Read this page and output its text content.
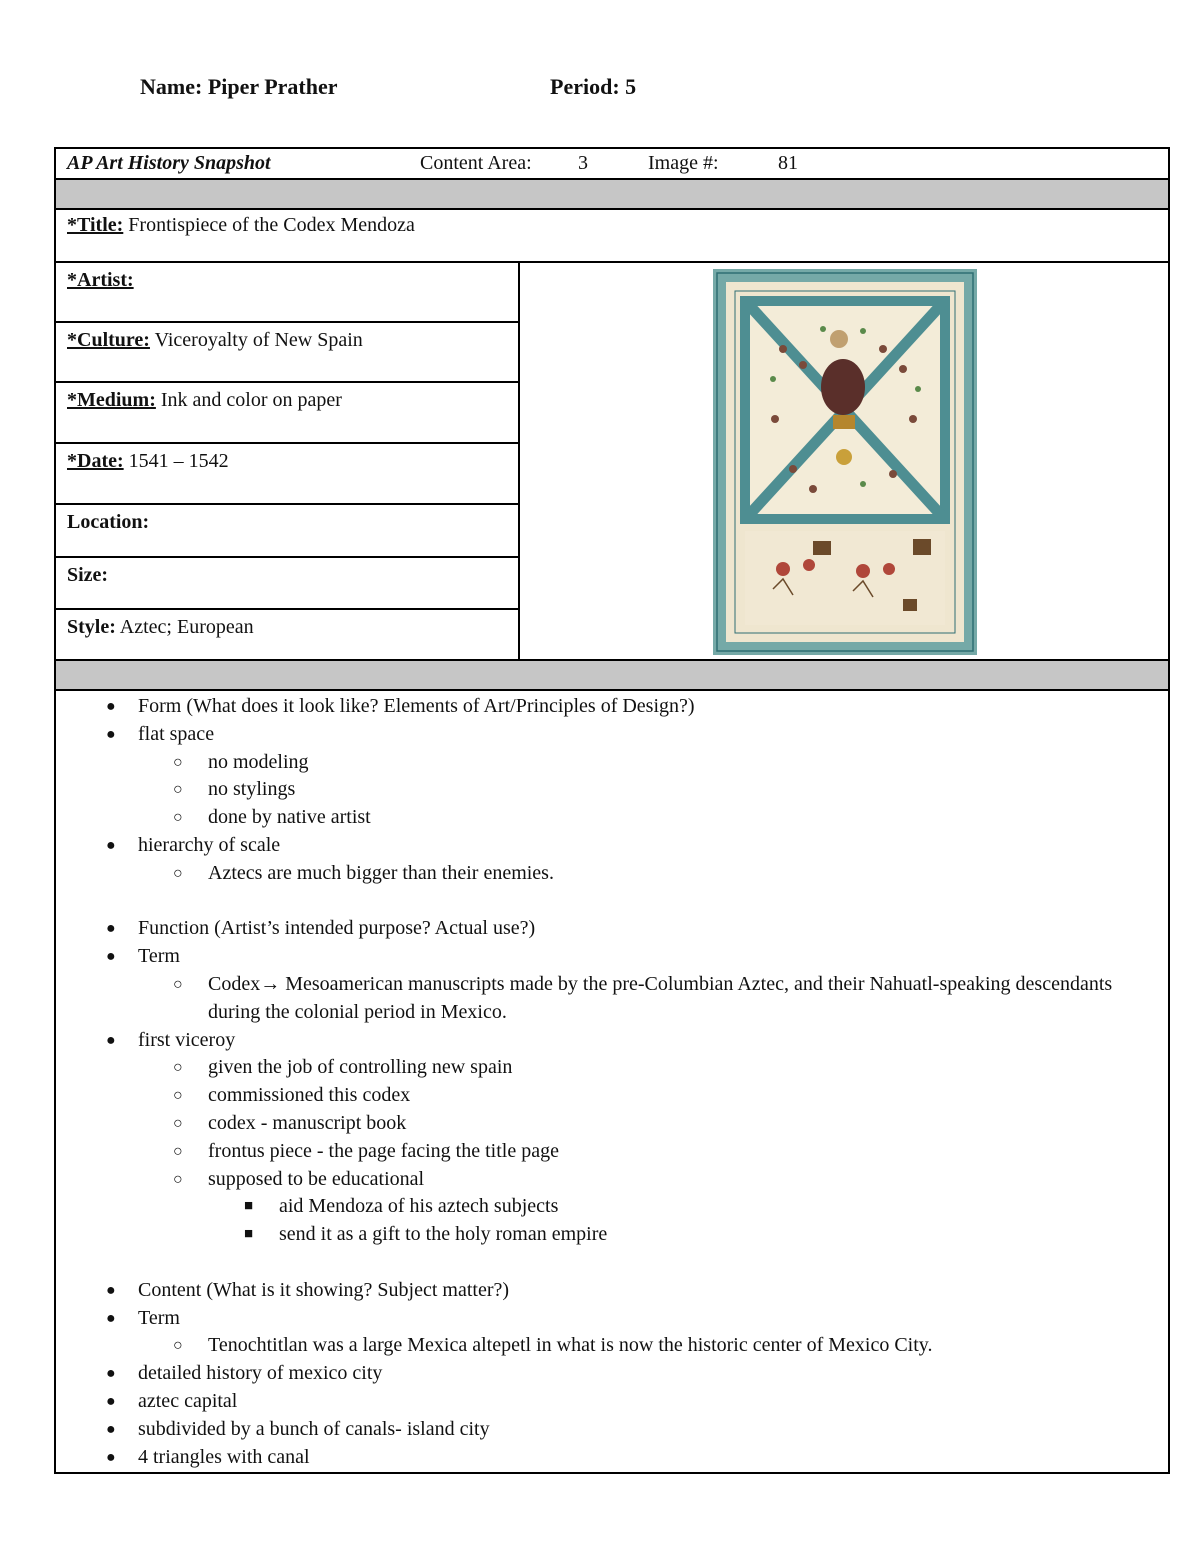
Name: Piper Prather	Period: 5
AP Art History Snapshot	Content Area: 3	Image #:	81
*Title: Frontispiece of the Codex Mendoza
*Artist:
*Culture: Viceroyalty of New Spain
*Medium: Ink and color on paper
*Date: 1541 – 1542
Location:
Size:
Style: Aztec; European
● Form (What does it look like? Elements of Art/Principles of Design?)
● flat space
○ no modeling
○ no stylings
○ done by native artist
● hierarchy of scale
○ Aztecs are much bigger than their enemies.
● Function (Artist’s intended purpose? Actual use?)
● Term
○ Codex→ Mesoamerican manuscripts made by the pre-Columbian Aztec, and their Nahuatl-speaking descendants during the colonial period in Mexico.
● first viceroy
○ given the job of controlling new spain
○ commissioned this codex
○ codex - manuscript book
○ frontus piece - the page facing the title page
○ supposed to be educational
■ aid Mendoza of his aztech subjects
■ send it as a gift to the holy roman empire
● Content (What is it showing? Subject matter?)
● Term
○ Tenochtitlan was a large Mexica altepetl in what is now the historic center of Mexico City.
● detailed history of mexico city
● aztec capital
● subdivided by a bunch of canals- island city
● 4 triangles with canal
